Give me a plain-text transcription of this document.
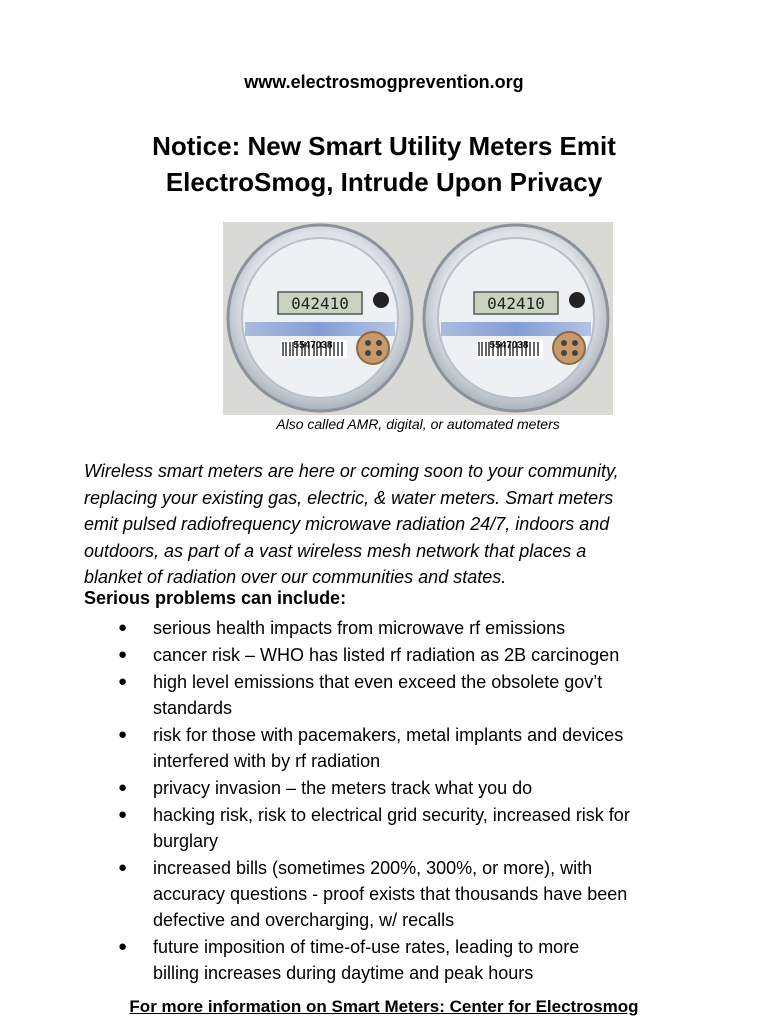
www.electrosmogprevention.org
Notice: New Smart Utility Meters Emit
ElectroSmog, Intrude Upon Privacy
042410
5547038
042410
5547038
Also called AMR, digital, or automated meters
Wireless smart meters are here or coming soon to your community,
replacing your existing gas, electric, & water meters. Smart meters
emit pulsed radiofrequency microwave radiation 24/7, indoors and
outdoors, as part of a vast wireless mesh network that places a
blanket of radiation over our communities and states.
Serious problems can include:
● serious health impacts from microwave rf emissions
● cancer risk – WHO has listed rf radiation as 2B carcinogen
● high level emissions that even exceed the obsolete gov’t
standards
● risk for those with pacemakers, metal implants and devices
interfered with by rf radiation
● privacy invasion – the meters track what you do
● hacking risk, risk to electrical grid security, increased risk for
burglary
● increased bills (sometimes 200%, 300%, or more), with
accuracy questions - proof exists that thousands have been
defective and overcharging, w/ recalls
● future imposition of time-of-use rates, leading to more
billing increases during daytime and peak hours
For more information on Smart Meters: Center for Electrosmog
